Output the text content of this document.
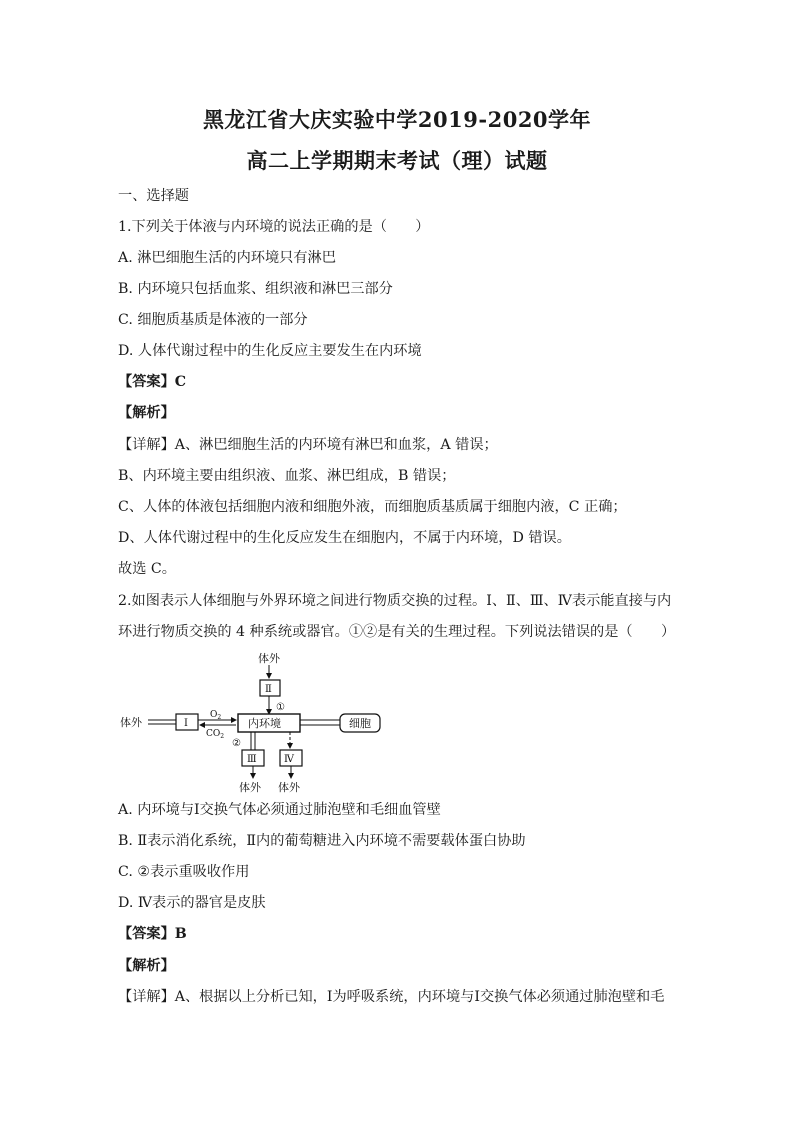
黑龙江省大庆实验中学2019-2020学年
高二上学期期末考试（理）试题
一、选择题
1.下列关于体液与内环境的说法正确的是（　　）
A. 淋巴细胞生活的内环境只有淋巴
B. 内环境只包括血浆、组织液和淋巴三部分
C. 细胞质基质是体液的一部分
D. 人体代谢过程中的生化反应主要发生在内环境
【答案】C
【解析】
【详解】A、淋巴细胞生活的内环境有淋巴和血浆，A 错误；
B、内环境主要由组织液、血浆、淋巴组成，B 错误；
C、人体的体液包括细胞内液和细胞外液，而细胞质基质属于细胞内液，C 正确；
D、人体代谢过程中的生化反应发生在细胞内，不属于内环境，D 错误。
故选 C。
2.如图表示人体细胞与外界环境之间进行物质交换的过程。Ⅰ、Ⅱ、Ⅲ、Ⅳ表示能直接与内
环进行物质交换的 4 种系统或器官。①②是有关的生理过程。下列说法错误的是（　　）
体外
Ⅱ
①
体外	Ⅰ
$O_2$
$CO_2$
内环境	细胞
②
Ⅲ
体外
Ⅳ
体外
A. 内环境与Ⅰ交换气体必须通过肺泡壁和毛细血管壁
B. Ⅱ表示消化系统，Ⅱ内的葡萄糖进入内环境不需要载体蛋白协助
C. ②表示重吸收作用
D. Ⅳ表示的器官是皮肤
【答案】B
【解析】
【详解】A、根据以上分析已知，Ⅰ为呼吸系统，内环境与Ⅰ交换气体必须通过肺泡壁和毛
